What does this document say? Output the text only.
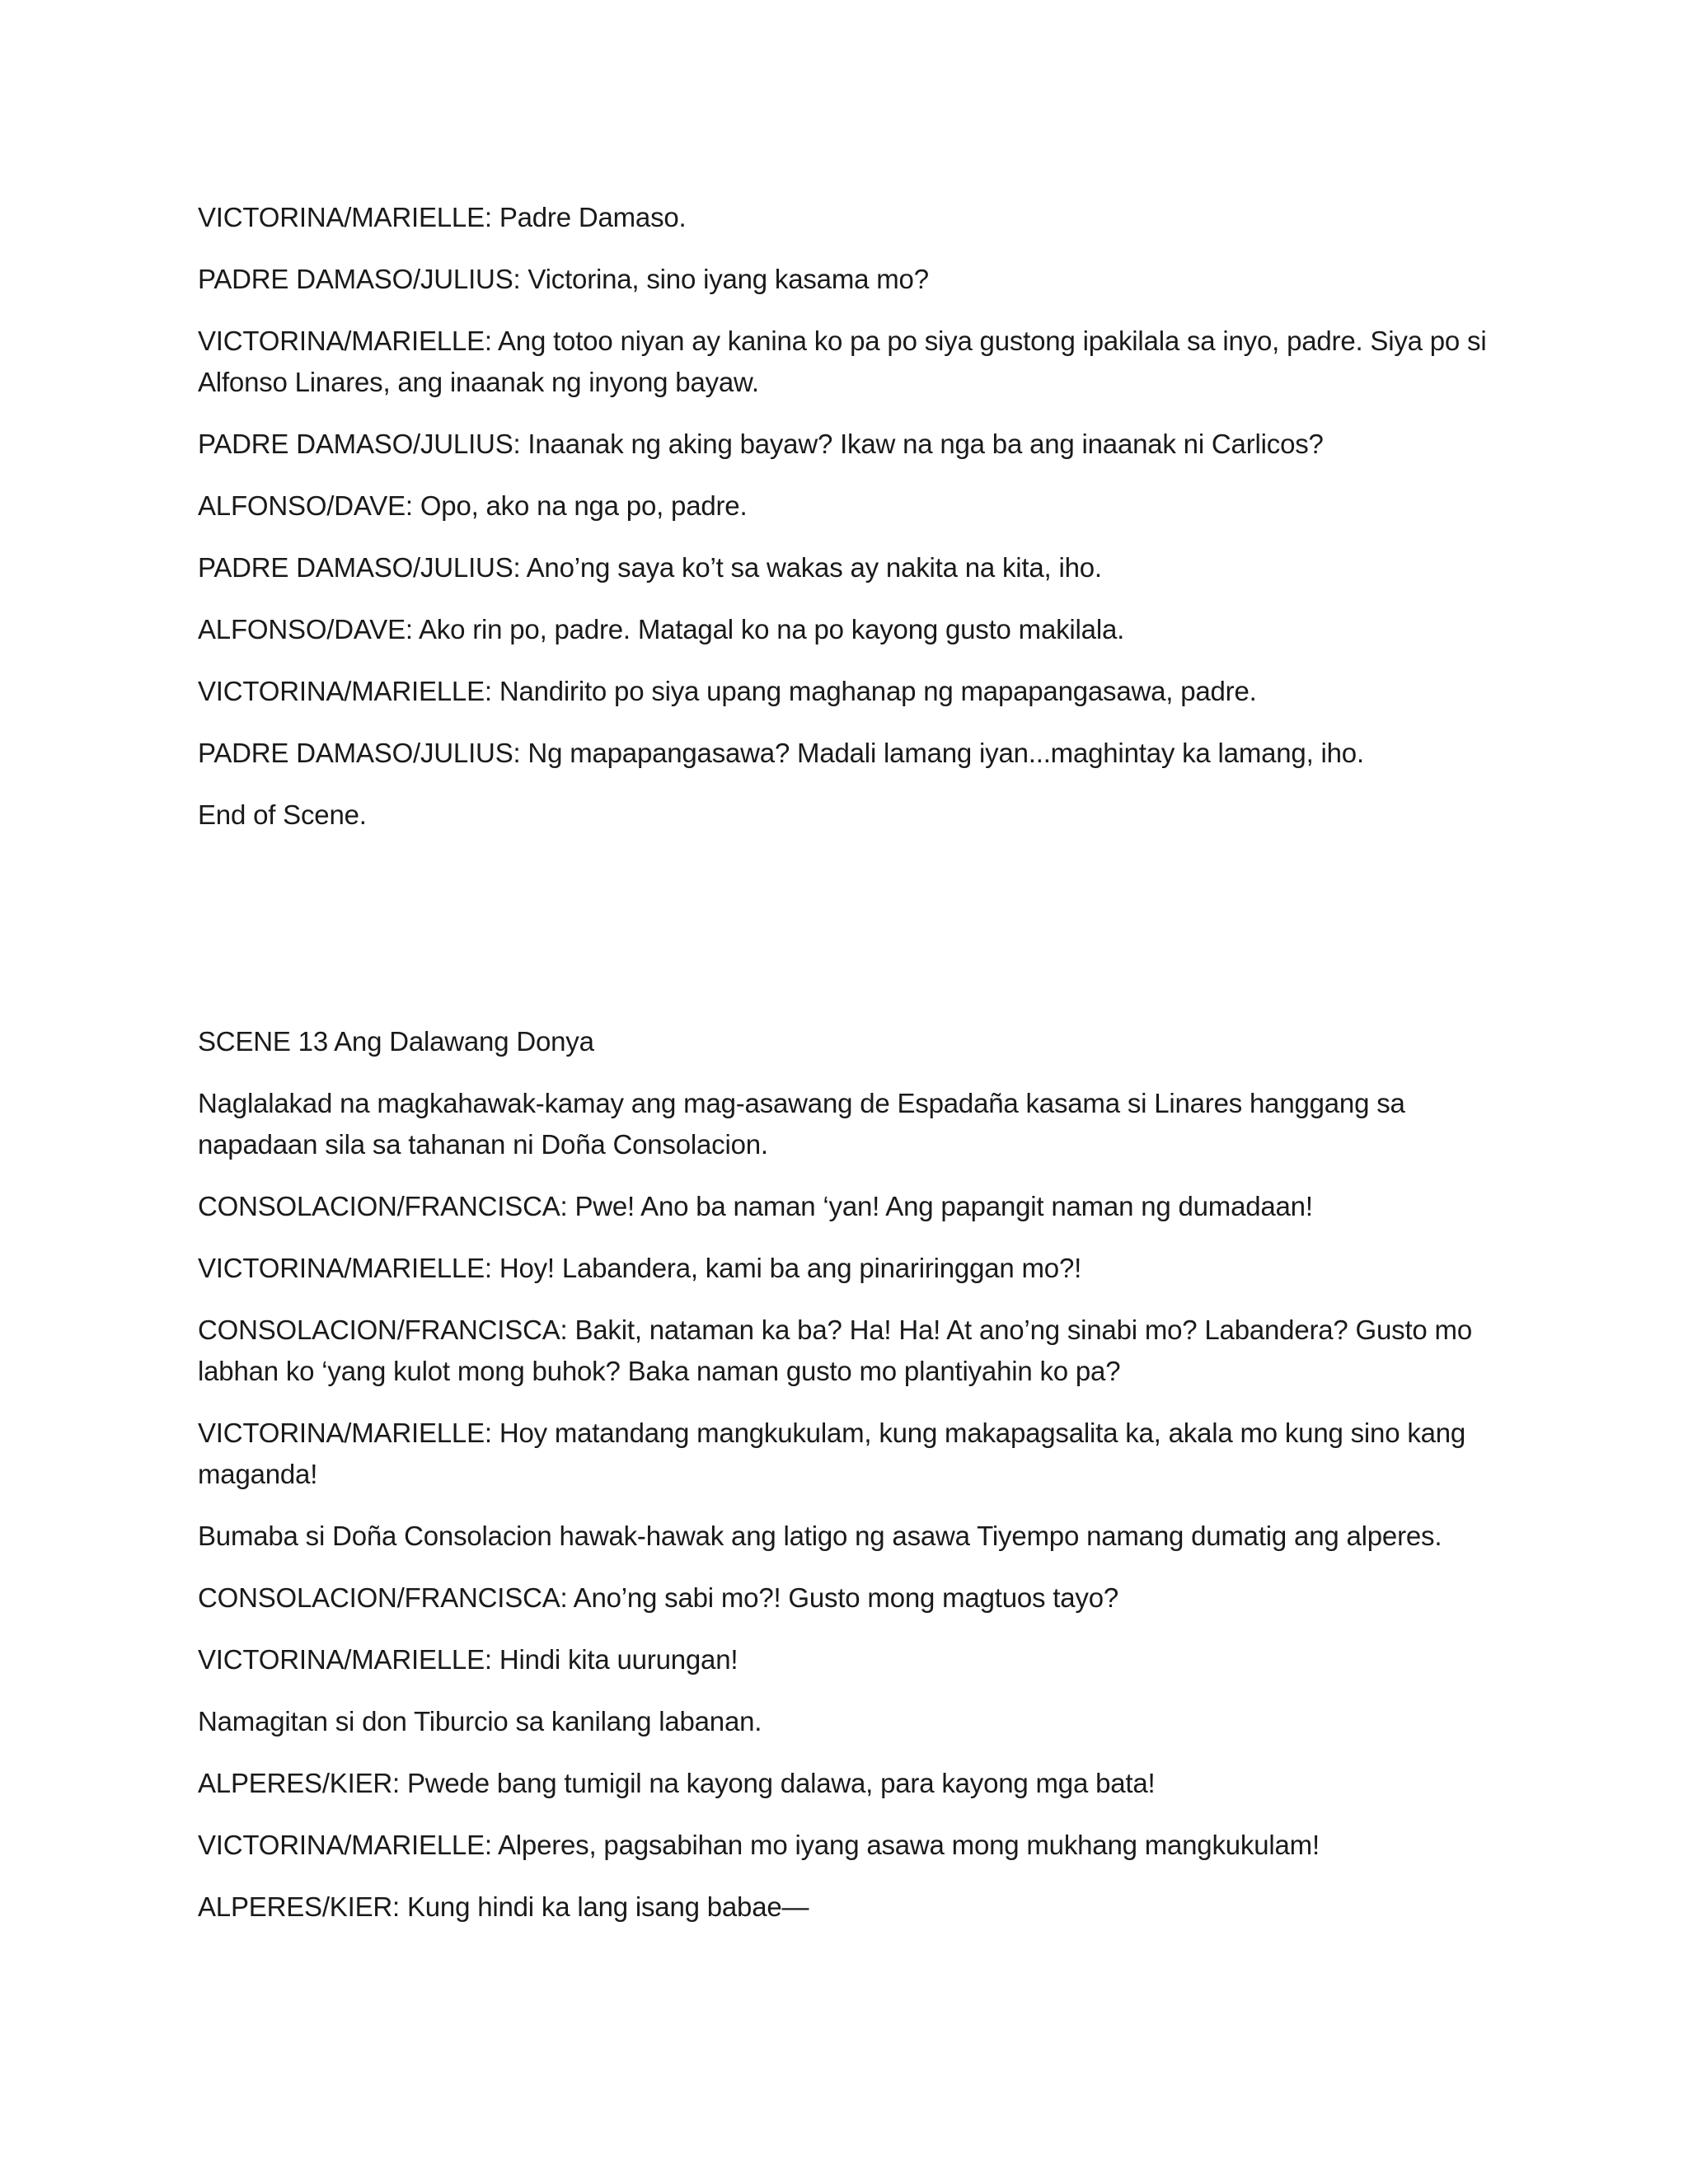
VICTORINA/MARIELLE: Padre Damaso.

PADRE DAMASO/JULIUS: Victorina, sino iyang kasama mo?

VICTORINA/MARIELLE: Ang totoo niyan ay kanina ko pa po siya gustong ipakilala sa inyo, padre. Siya po si Alfonso Linares, ang inaanak ng inyong bayaw.

PADRE DAMASO/JULIUS: Inaanak ng aking bayaw? Ikaw na nga ba ang inaanak ni Carlicos?

ALFONSO/DAVE: Opo, ako na nga po, padre.

PADRE DAMASO/JULIUS: Ano’ng saya ko’t sa wakas ay nakita na kita, iho.

ALFONSO/DAVE: Ako rin po, padre. Matagal ko na po kayong gusto makilala.

VICTORINA/MARIELLE: Nandirito po siya upang maghanap ng mapapangasawa, padre.

PADRE DAMASO/JULIUS: Ng mapapangasawa? Madali lamang iyan...maghintay ka lamang, iho.

End of Scene.

SCENE 13 Ang Dalawang Donya

Naglalakad na magkahawak-kamay ang mag-asawang de Espadaña kasama si Linares hanggang sa napadaan sila sa tahanan ni Doña Consolacion.

CONSOLACION/FRANCISCA: Pwe! Ano ba naman ‘yan! Ang papangit naman ng dumadaan!

VICTORINA/MARIELLE: Hoy! Labandera, kami ba ang pinariringgan mo?!

CONSOLACION/FRANCISCA: Bakit, nataman ka ba? Ha! Ha! At ano’ng sinabi mo? Labandera? Gusto mo labhan ko ‘yang kulot mong buhok? Baka naman gusto mo plantiyahin ko pa?

VICTORINA/MARIELLE: Hoy matandang mangkukulam, kung makapagsalita ka, akala mo kung sino kang maganda!

Bumaba si Doña Consolacion hawak-hawak ang latigo ng asawa Tiyempo namang dumatig ang alperes.

CONSOLACION/FRANCISCA: Ano’ng sabi mo?! Gusto mong magtuos tayo?

VICTORINA/MARIELLE: Hindi kita uurungan!

Namagitan si don Tiburcio sa kanilang labanan.

ALPERES/KIER: Pwede bang tumigil na kayong dalawa, para kayong mga bata!

VICTORINA/MARIELLE: Alperes, pagsabihan mo iyang asawa mong mukhang mangkukulam!

ALPERES/KIER: Kung hindi ka lang isang babae—
